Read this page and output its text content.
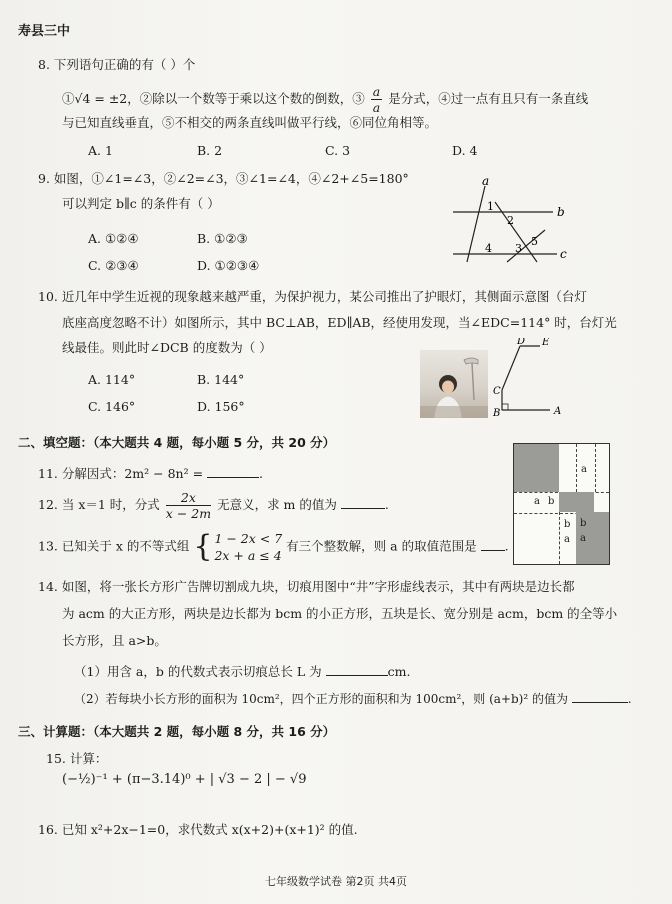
寿县三中
8. 下列语句正确的有（ ）个
①√4 = ±2，②除以一个数等于乘以这个数的倒数，③ $\frac{a}{a}$ 是分式，④过一点有且只有一条直线
与已知直线垂直，⑤不相交的两条直线叫做平行线，⑥同位角相等。
A. 1	B. 2	C. 3	D. 4
9. 如图，①∠1=∠3，②∠2=∠3，③∠1=∠4，④∠2+∠5=180°
可以判定 b∥c 的条件有（ ）
A. ①②④	B. ①②③
C. ②③④	D. ①②③④
a
b
c
1
2
3
4
5
10. 近几年中学生近视的现象越来越严重，为保护视力，某公司推出了护眼灯，其侧面示意图（台灯
底座高度忽略不计）如图所示，其中 BC⊥AB，ED∥AB，经使用发现，当∠EDC=114° 时，台灯光
线最佳。则此时∠DCB 的度数为（ ）
A. 114°	B. 144°
C. 146°	D. 156°
D E
C
B	A
二、填空题：（本大题共 4 题，每小题 5 分，共 20 分）
11. 分解因式：2m² − 8n² =	.
12. 当 x＝1 时，分式 $\frac{2x}{x - 2m}$ 无意义，求 m 的值为	.
13. 已知关于 x 的不等式组 { 1 − 2x < 7
2x + a ≤ 4
有三个整数解，则 a 的取值范围是 .
a
a b
b
a
b
a
14. 如图，将一张长方形广告牌切割成九块，切痕用图中“井”字形虚线表示，其中有两块是边长都
为 acm 的大正方形，两块是边长都为 bcm 的小正方形，五块是长、宽分别是 acm，bcm 的全等小
长方形，且 a>b。
（1）用含 a，b 的代数式表示切痕总长 L 为	cm.
（2）若每块小长方形的面积为 10cm²，四个正方形的面积和为 100cm²，则 (a+b)² 的值为	.
三、计算题：（本大题共 2 题，每小题 8 分，共 16 分）
15. 计算：
(−½)⁻¹ + (π−3.14)⁰ + | √3 − 2 | − √9
16. 已知 x²+2x−1=0，求代数式 x(x+2)+(x+1)² 的值.
七年级数学试卷 第2页 共4页
